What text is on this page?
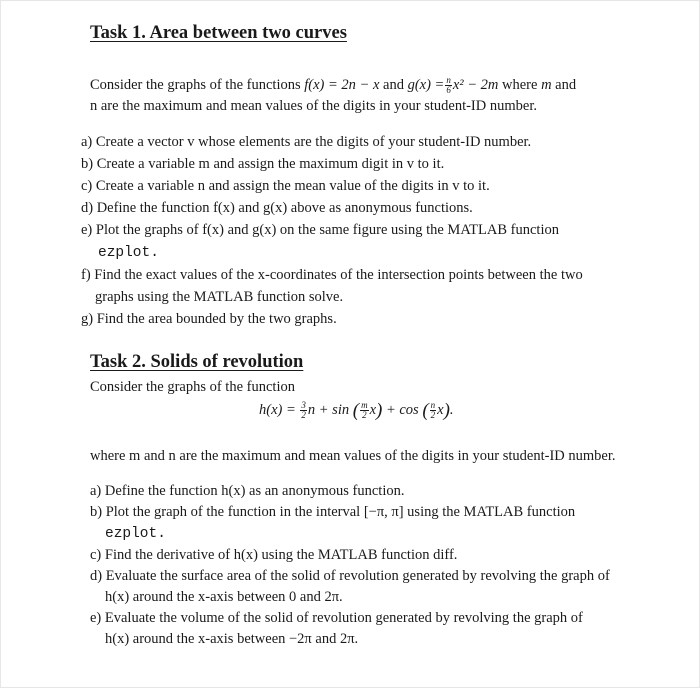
Task 1. Area between two curves
Consider the graphs of the functions f(x) = 2n − x and $g(x) = \frac{n}{6} x^2 - 2m$ where m and
n are the maximum and mean values of the digits in your student-ID number.
a) Create a vector v whose elements are the digits of your student-ID number.
b) Create a variable m and assign the maximum digit in v to it.
c) Create a variable n and assign the mean value of the digits in v to it.
d) Define the function f(x) and g(x) above as anonymous functions.
e) Plot the graphs of f(x) and g(x) on the same figure using the MATLAB function
ezplot.
f) Find the exact values of the x-coordinates of the intersection points between the two
graphs using the MATLAB function solve.
g) Find the area bounded by the two graphs.
Task 2. Solids of revolution
Consider the graphs of the function
$h(x) = \frac{3}{2}$ n + sin ( $\frac{m}{2} x) + \cos$ ( $\frac{n}{2} x$).
where m and n are the maximum and mean values of the digits in your student-ID number.
a) Define the function h(x) as an anonymous function.
b) Plot the graph of the function in the interval [−π, π] using the MATLAB function
ezplot.
c) Find the derivative of h(x) using the MATLAB function diff.
d) Evaluate the surface area of the solid of revolution generated by revolving the graph of
h(x) around the x-axis between 0 and 2π.
e) Evaluate the volume of the solid of revolution generated by revolving the graph of
h(x) around the x-axis between −2π and 2π.
